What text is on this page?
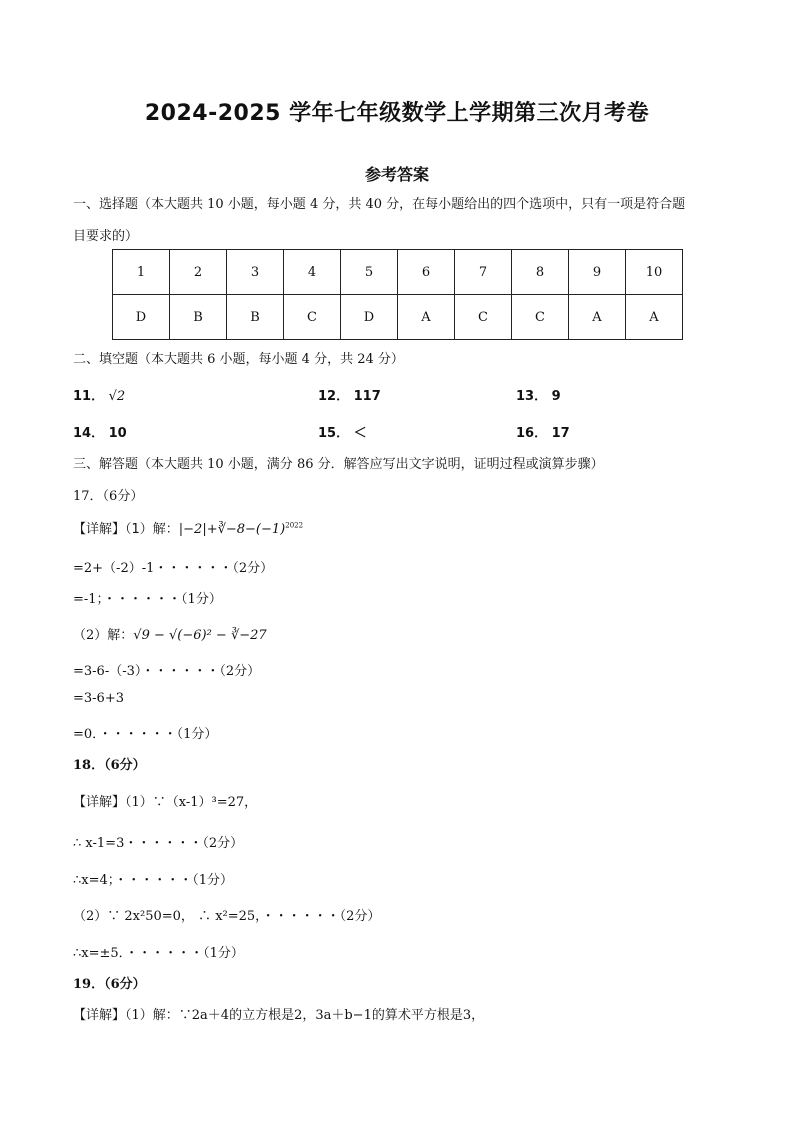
2024-2025 学年七年级数学上学期第三次月考卷
参考答案
一、选择题（本大题共 10 小题，每小题 4 分，共 40 分，在每小题给出的四个选项中，只有一项是符合题
目要求的）
1	2	3	4	5	6	7	8	9	10
D	B	B	C	D	A	C	C	A	A
二、填空题（本大题共 6 小题，每小题 4 分，共 24 分）
11． √2	12． 117	13． 9
14． 10	15． ＜	16． 17
三、解答题（本大题共 10 小题，满分 86 分．解答应写出文字说明，证明过程或演算步骤）
17．（6分）
【详解】（1）解：$|-2|+∛-8-(-1)^{2022}$
=2+（-2）-1・・・・・・（2分）
=-1；・・・・・・（1分）
（2）解：√9 − √(−6)² − ∛−27
=3-6-（-3）・・・・・・（2分）
=3-6+3
=0．・・・・・・（1分）
18．（6分）
【详解】（1）∵（x-1）³=27，
∴ x-1=3・・・・・・（2分）
∴x=4；・・・・・・（1分）
（2）∵ 2x²50=0， ∴ x²=25，・・・・・・（2分）
∴x=±5．・・・・・・（1分）
19．（6分）
【详解】（1）解：∵2a＋4的立方根是2，3a＋b−1的算术平方根是3，
